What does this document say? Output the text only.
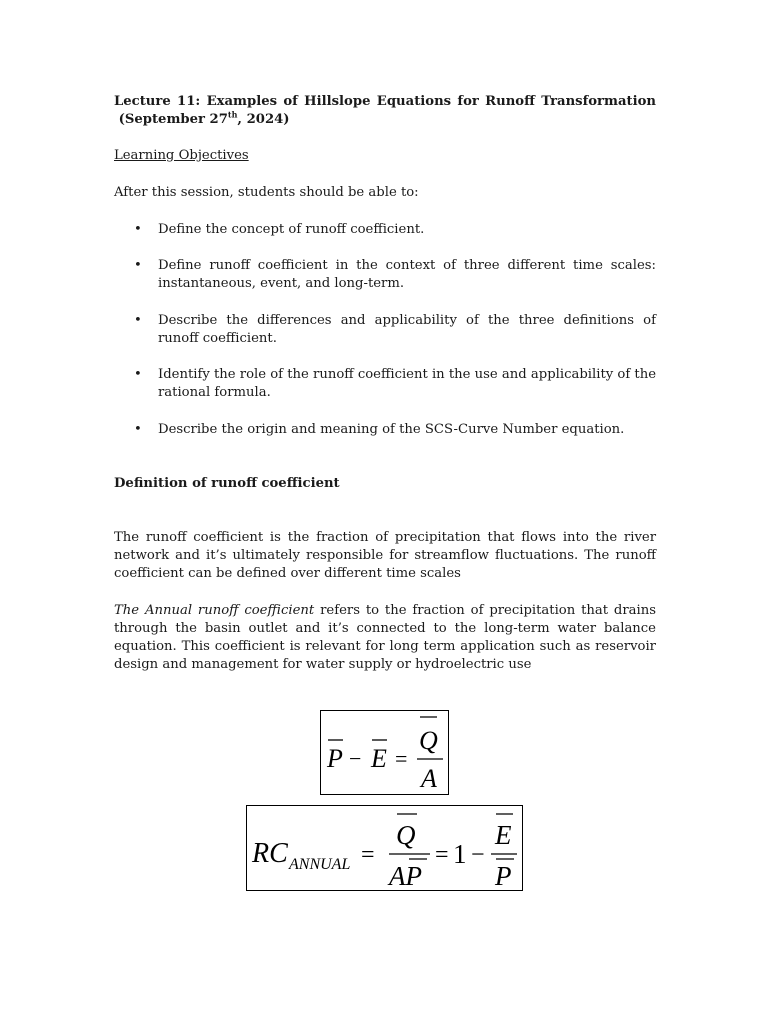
Lecture 11: Examples of Hillslope Equations for Runoff Transformation
(September 27th, 2024)
Learning Objectives
After this session, students should be able to:
• Define the concept of runoff coefficient.
• Define runoff coefficient in the context of three different time scales: instantaneous, event, and long-term.
• Describe the differences and applicability of the three definitions of runoff coefficient.
• Identify the role of the runoff coefficient in the use and applicability of the rational formula.
• Describe the origin and meaning of the SCS-Curve Number equation.
Definition of runoff coefficient
The runoff coefficient is the fraction of precipitation that flows into the river network and it’s ultimately responsible for streamflow fluctuations. The runoff coefficient can be defined over different time scales
The Annual runoff coefficient refers to the fraction of precipitation that drains through the basin outlet and it’s connected to the long-term water balance equation. This coefficient is relevant for long term application such as reservoir design and management for water supply or hydroelectric use
P − E =
Q
A
RC ANNUAL =
Q
AP
= 1 −
E
P
